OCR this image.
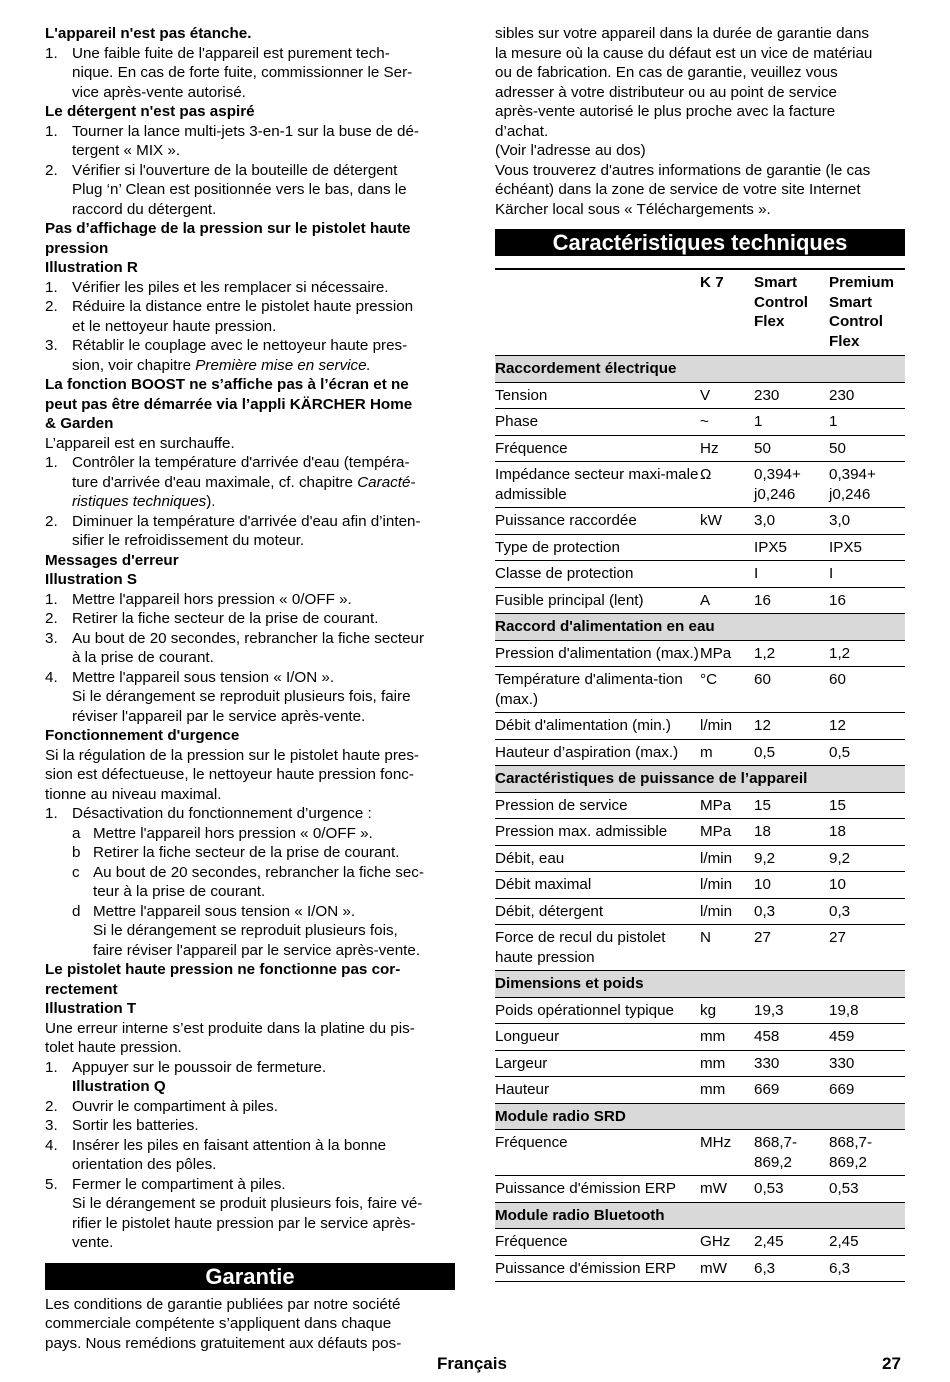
L'appareil n'est pas étanche.
1. Une faible fuite de l'appareil est purement tech-
nique. En cas de forte fuite, commissionner le Ser-
vice après-vente autorisé.
Le détergent n'est pas aspiré
1. Tourner la lance multi-jets 3-en-1 sur la buse de dé-
tergent « MIX ».
2. Vérifier si l'ouverture de la bouteille de détergent
Plug ‘n’ Clean est positionnée vers le bas, dans le
raccord du détergent.
Pas d’affichage de la pression sur le pistolet haute
pression
Illustration R
1. Vérifier les piles et les remplacer si nécessaire.
2. Réduire la distance entre le pistolet haute pression
et le nettoyeur haute pression.
3. Rétablir le couplage avec le nettoyeur haute pres-
sion, voir chapitre Première mise en service.
La fonction BOOST ne s’affiche pas à l’écran et ne
peut pas être démarrée via l’appli KÄRCHER Home
& Garden
L’appareil est en surchauffe.
1. Contrôler la température d'arrivée d'eau (tempéra-
ture d'arrivée d'eau maximale, cf. chapitre Caracté-
ristiques techniques).
2. Diminuer la température d'arrivée d'eau afin d’inten-
sifier le refroidissement du moteur.
Messages d'erreur
Illustration S
1. Mettre l'appareil hors pression « 0/OFF ».
2. Retirer la fiche secteur de la prise de courant.
3. Au bout de 20 secondes, rebrancher la fiche secteur
à la prise de courant.
4. Mettre l'appareil sous tension « I/ON ».
Si le dérangement se reproduit plusieurs fois, faire
réviser l'appareil par le service après-vente.
Fonctionnement d'urgence
Si la régulation de la pression sur le pistolet haute pres-
sion est défectueuse, le nettoyeur haute pression fonc-
tionne au niveau maximal.
1. Désactivation du fonctionnement d’urgence :
a Mettre l'appareil hors pression « 0/OFF ».
b Retirer la fiche secteur de la prise de courant.
c Au bout de 20 secondes, rebrancher la fiche sec-
teur à la prise de courant.
d Mettre l'appareil sous tension « I/ON ».
Si le dérangement se reproduit plusieurs fois,
faire réviser l'appareil par le service après-vente.
Le pistolet haute pression ne fonctionne pas cor-
rectement
Illustration T
Une erreur interne s’est produite dans la platine du pis-
tolet haute pression.
1. Appuyer sur le poussoir de fermeture.
Illustration Q
2. Ouvrir le compartiment à piles.
3. Sortir les batteries.
4. Insérer les piles en faisant attention à la bonne
orientation des pôles.
5. Fermer le compartiment à piles.
Si le dérangement se produit plusieurs fois, faire vé-
rifier le pistolet haute pression par le service après-
vente.
Garantie
Les conditions de garantie publiées par notre société
commerciale compétente s’appliquent dans chaque
pays. Nous remédions gratuitement aux défauts pos-
sibles sur votre appareil dans la durée de garantie dans
la mesure où la cause du défaut est un vice de matériau
ou de fabrication. En cas de garantie, veuillez vous
adresser à votre distributeur ou au point de service
après-vente autorisé le plus proche avec la facture
d’achat.
(Voir l'adresse au dos)
Vous trouverez d'autres informations de garantie (le cas
échéant) dans la zone de service de votre site Internet
Kärcher local sous « Téléchargements ».
Caractéristiques techniques
	K 7	Smart Control Flex	Premium Smart Control Flex
Raccordement électrique			
Tension	V	230	230
Phase	~	1	1
Fréquence	Hz	50	50
Impédance secteur maxi-male admissible	Ω	0,394+ j0,246	0,394+ j0,246
Puissance raccordée	kW	3,0	3,0
Type de protection		IPX5	IPX5
Classe de protection		I	I
Fusible principal (lent)	A	16	16
Raccord d'alimentation en eau			
Pression d'alimentation (max.)	MPa	1,2	1,2
Température d'alimenta-tion (max.)	°C	60	60
Débit d'alimentation (min.)	l/min	12	12
Hauteur d’aspiration (max.)	m	0,5	0,5
Caractéristiques de puissance de l’appareil			
Pression de service	MPa	15	15
Pression max. admissible	MPa	18	18
Débit, eau	l/min	9,2	9,2
Débit maximal	l/min	10	10
Débit, détergent	l/min	0,3	0,3
Force de recul du pistolet haute pression	N	27	27
Dimensions et poids			
Poids opérationnel typique	kg	19,3	19,8
Longueur	mm	458	459
Largeur	mm	330	330
Hauteur	mm	669	669
Module radio SRD			
Fréquence	MHz	868,7-869,2	868,7-869,2
Puissance d'émission ERP	mW	0,53	0,53
Module radio Bluetooth			
Fréquence	GHz	2,45	2,45
Puissance d'émission ERP	mW	6,3	6,3
Français	27
